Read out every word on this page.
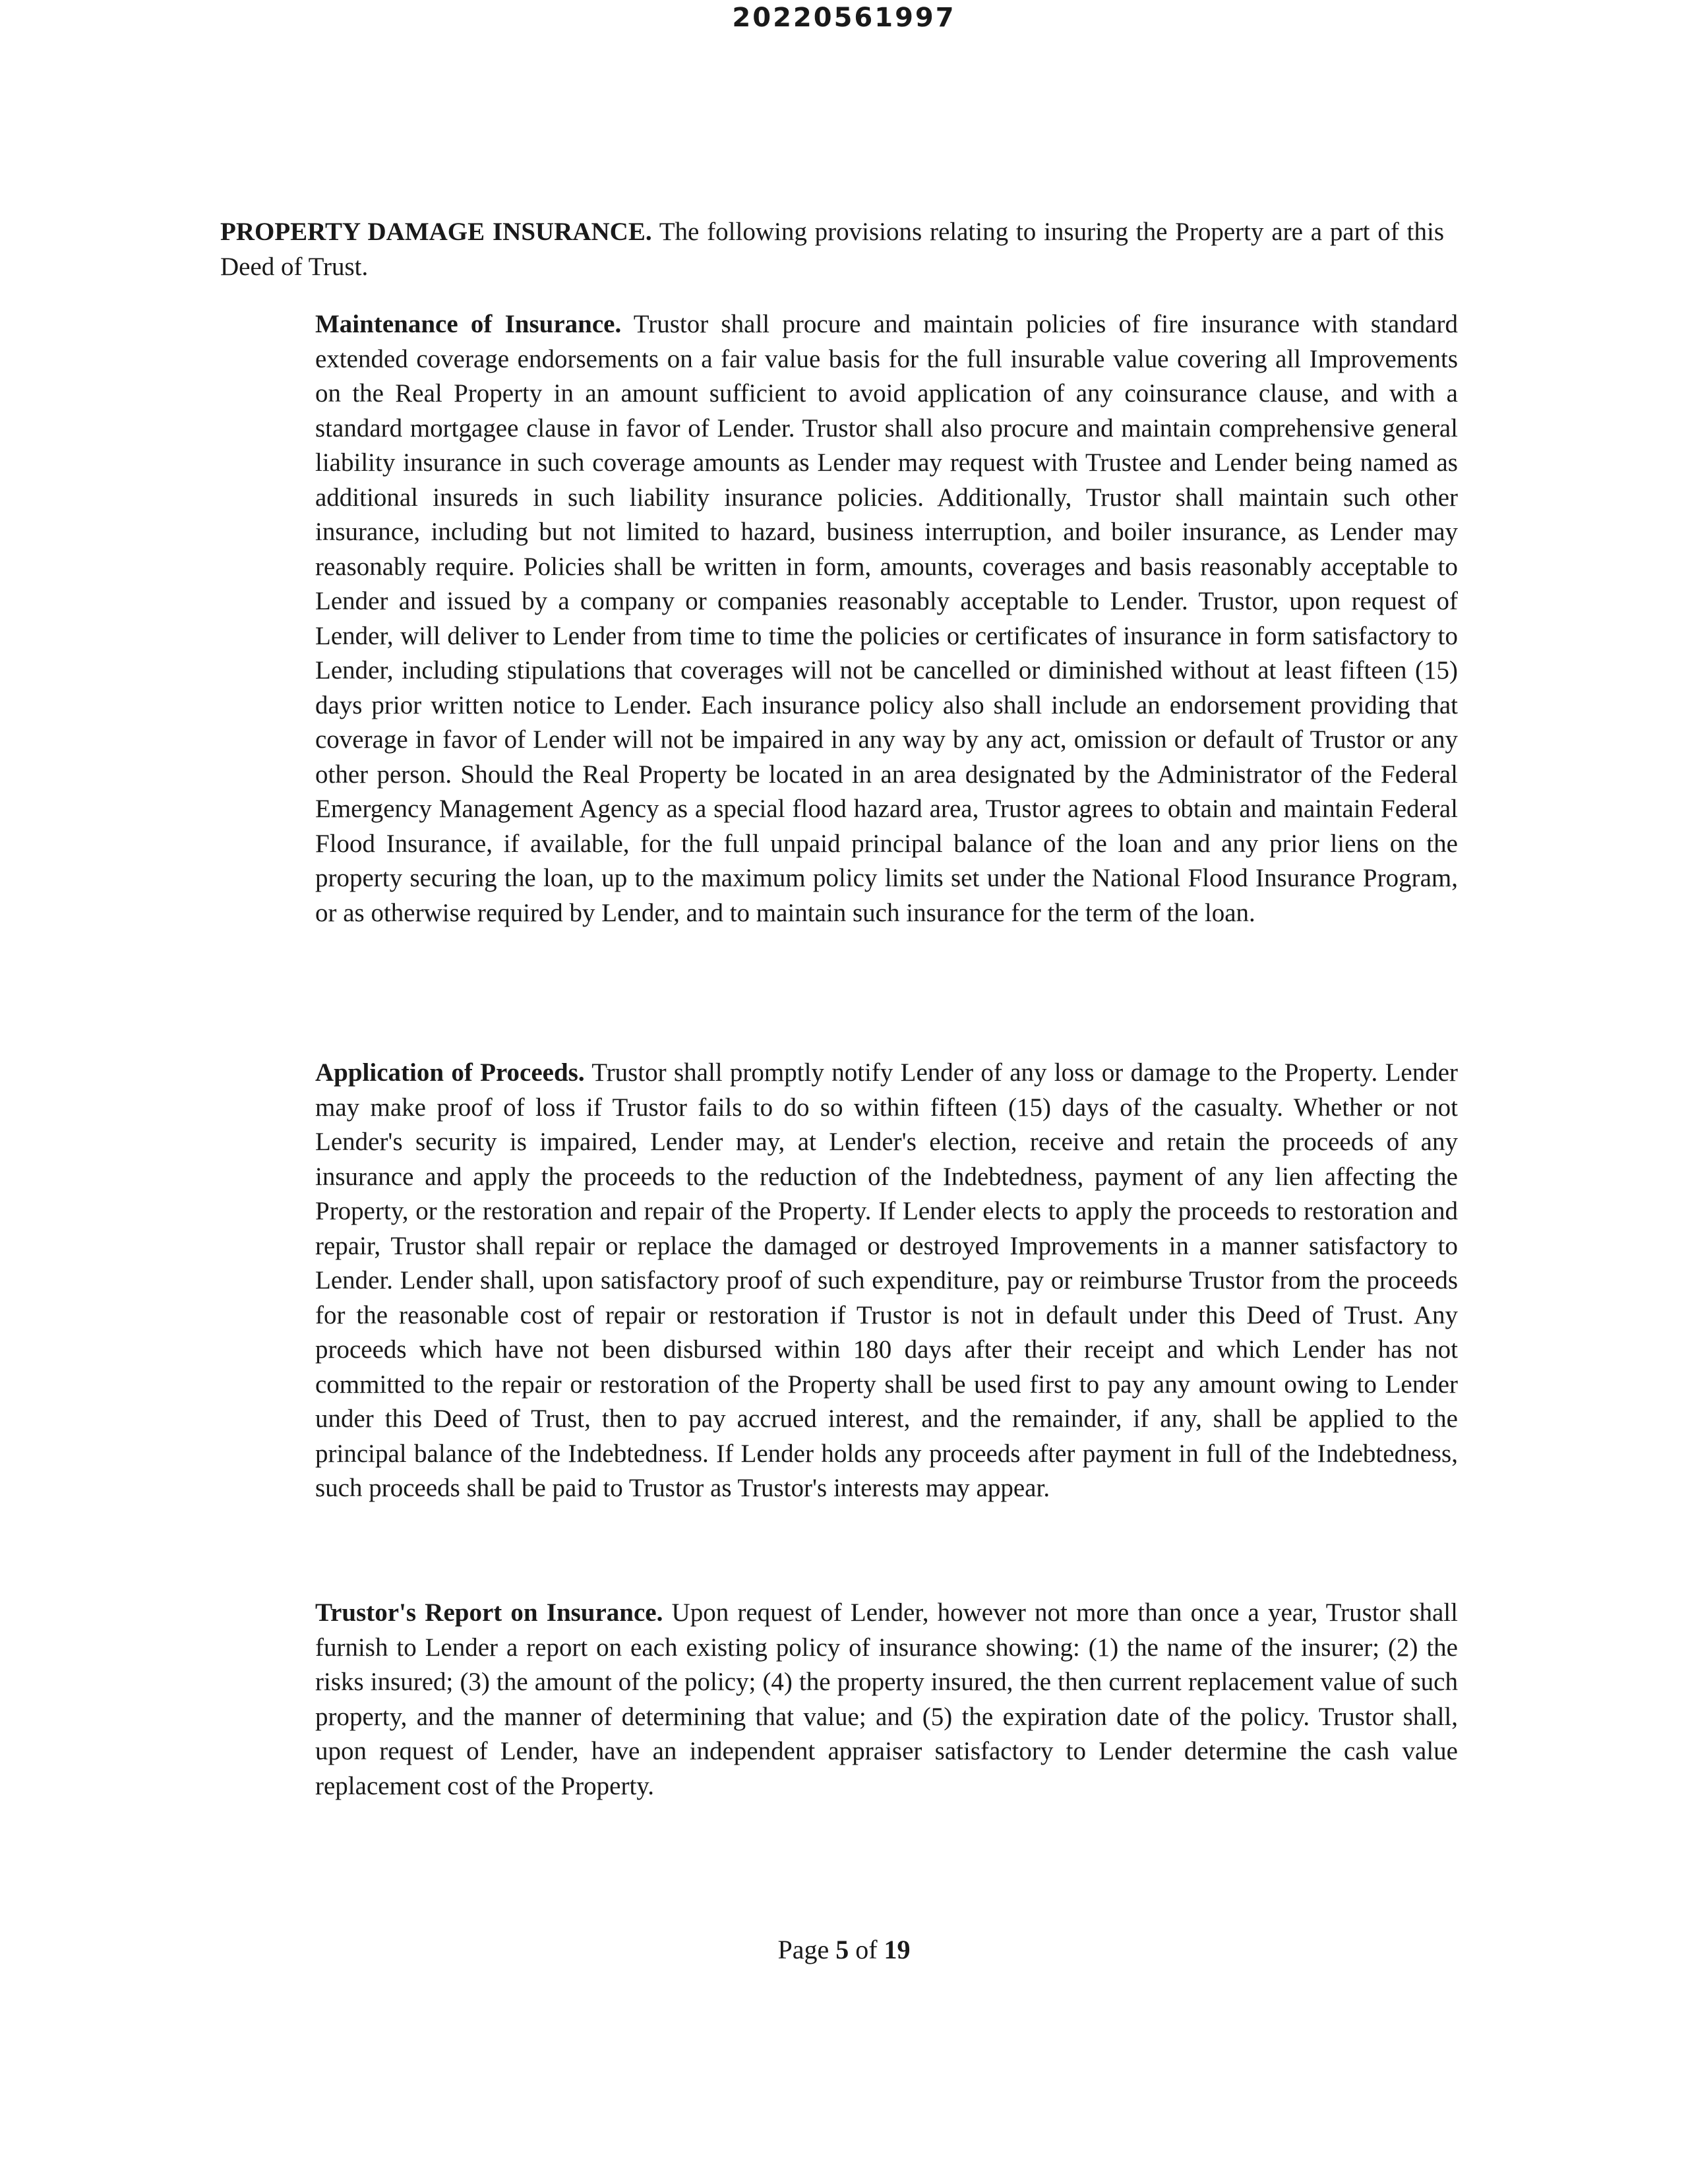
20220561997

PROPERTY DAMAGE INSURANCE. The following provisions relating to insuring the Property are a part of this Deed of Trust.

Maintenance of Insurance. Trustor shall procure and maintain policies of fire insurance with standard extended coverage endorsements on a fair value basis for the full insurable value covering all Improvements on the Real Property in an amount sufficient to avoid application of any coinsurance clause, and with a standard mortgagee clause in favor of Lender. Trustor shall also procure and maintain comprehensive general liability insurance in such coverage amounts as Lender may request with Trustee and Lender being named as additional insureds in such liability insurance policies. Additionally, Trustor shall maintain such other insurance, including but not limited to hazard, business interruption, and boiler insurance, as Lender may reasonably require. Policies shall be written in form, amounts, coverages and basis reasonably acceptable to Lender and issued by a company or companies reasonably acceptable to Lender. Trustor, upon request of Lender, will deliver to Lender from time to time the policies or certificates of insurance in form satisfactory to Lender, including stipulations that coverages will not be cancelled or diminished without at least fifteen (15) days prior written notice to Lender. Each insurance policy also shall include an endorsement providing that coverage in favor of Lender will not be impaired in any way by any act, omission or default of Trustor or any other person. Should the Real Property be located in an area designated by the Administrator of the Federal Emergency Management Agency as a special flood hazard area, Trustor agrees to obtain and maintain Federal Flood Insurance, if available, for the full unpaid principal balance of the loan and any prior liens on the property securing the loan, up to the maximum policy limits set under the National Flood Insurance Program, or as otherwise required by Lender, and to maintain such insurance for the term of the loan.

Application of Proceeds. Trustor shall promptly notify Lender of any loss or damage to the Property. Lender may make proof of loss if Trustor fails to do so within fifteen (15) days of the casualty. Whether or not Lender's security is impaired, Lender may, at Lender's election, receive and retain the proceeds of any insurance and apply the proceeds to the reduction of the Indebtedness, payment of any lien affecting the Property, or the restoration and repair of the Property. If Lender elects to apply the proceeds to restoration and repair, Trustor shall repair or replace the damaged or destroyed Improvements in a manner satisfactory to Lender. Lender shall, upon satisfactory proof of such expenditure, pay or reimburse Trustor from the proceeds for the reasonable cost of repair or restoration if Trustor is not in default under this Deed of Trust. Any proceeds which have not been disbursed within 180 days after their receipt and which Lender has not committed to the repair or restoration of the Property shall be used first to pay any amount owing to Lender under this Deed of Trust, then to pay accrued interest, and the remainder, if any, shall be applied to the principal balance of the Indebtedness. If Lender holds any proceeds after payment in full of the Indebtedness, such proceeds shall be paid to Trustor as Trustor's interests may appear.

Trustor's Report on Insurance. Upon request of Lender, however not more than once a year, Trustor shall furnish to Lender a report on each existing policy of insurance showing: (1) the name of the insurer; (2) the risks insured; (3) the amount of the policy; (4) the property insured, the then current replacement value of such property, and the manner of determining that value; and (5) the expiration date of the policy. Trustor shall, upon request of Lender, have an independent appraiser satisfactory to Lender determine the cash value replacement cost of the Property.

Page 5 of 19
